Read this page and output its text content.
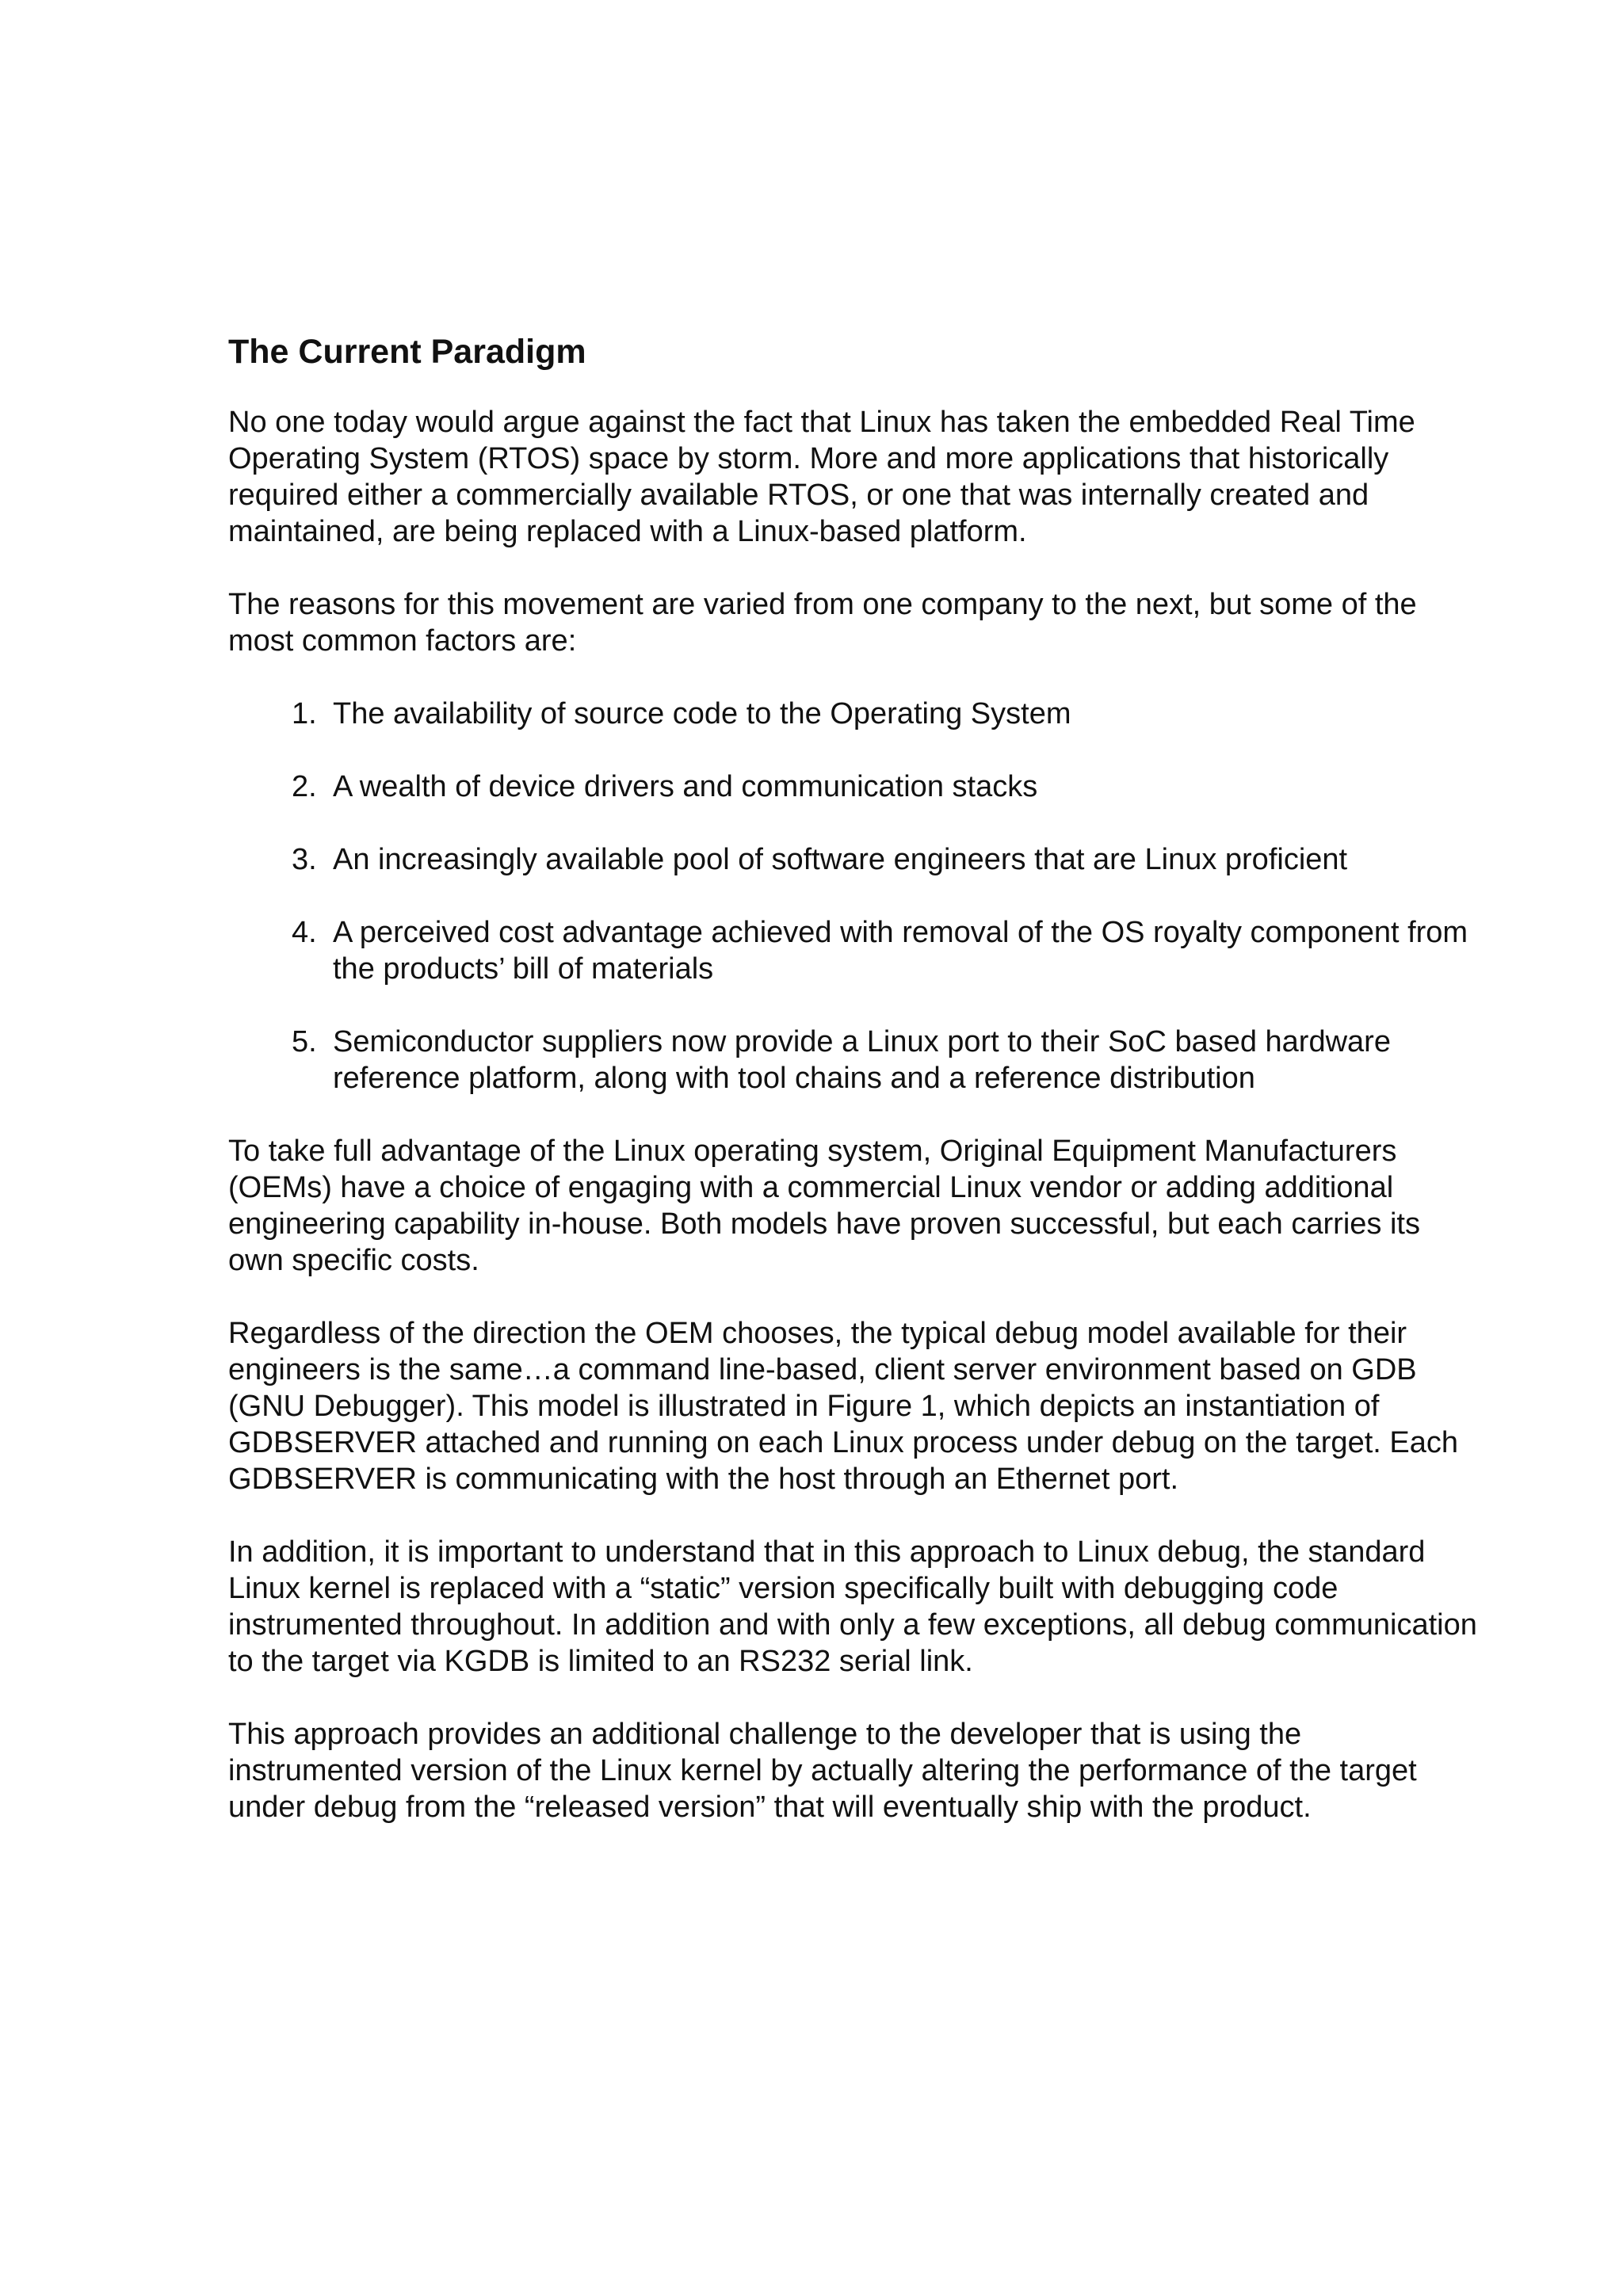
The Current Paradigm

No one today would argue against the fact that Linux has taken the embedded Real Time Operating System (RTOS) space by storm. More and more applications that historically required either a commercially available RTOS, or one that was internally created and maintained, are being replaced with a Linux-based platform.

The reasons for this movement are varied from one company to the next, but some of the most common factors are:

1. The availability of source code to the Operating System
2. A wealth of device drivers and communication stacks
3. An increasingly available pool of software engineers that are Linux proficient
4. A perceived cost advantage achieved with removal of the OS royalty component from the products’ bill of materials
5. Semiconductor suppliers now provide a Linux port to their SoC based hardware reference platform, along with tool chains and a reference distribution

To take full advantage of the Linux operating system, Original Equipment Manufacturers (OEMs) have a choice of engaging with a commercial Linux vendor or adding additional engineering capability in-house. Both models have proven successful, but each carries its own specific costs.

Regardless of the direction the OEM chooses, the typical debug model available for their engineers is the same…a command line-based, client server environment based on GDB (GNU Debugger). This model is illustrated in Figure 1, which depicts an instantiation of GDBSERVER attached and running on each Linux process under debug on the target. Each GDBSERVER is communicating with the host through an Ethernet port.

In addition, it is important to understand that in this approach to Linux debug, the standard Linux kernel is replaced with a “static” version specifically built with debugging code instrumented throughout. In addition and with only a few exceptions, all debug communication to the target via KGDB is limited to an RS232 serial link.

This approach provides an additional challenge to the developer that is using the instrumented version of the Linux kernel by actually altering the performance of the target under debug from the “released version” that will eventually ship with the product.
